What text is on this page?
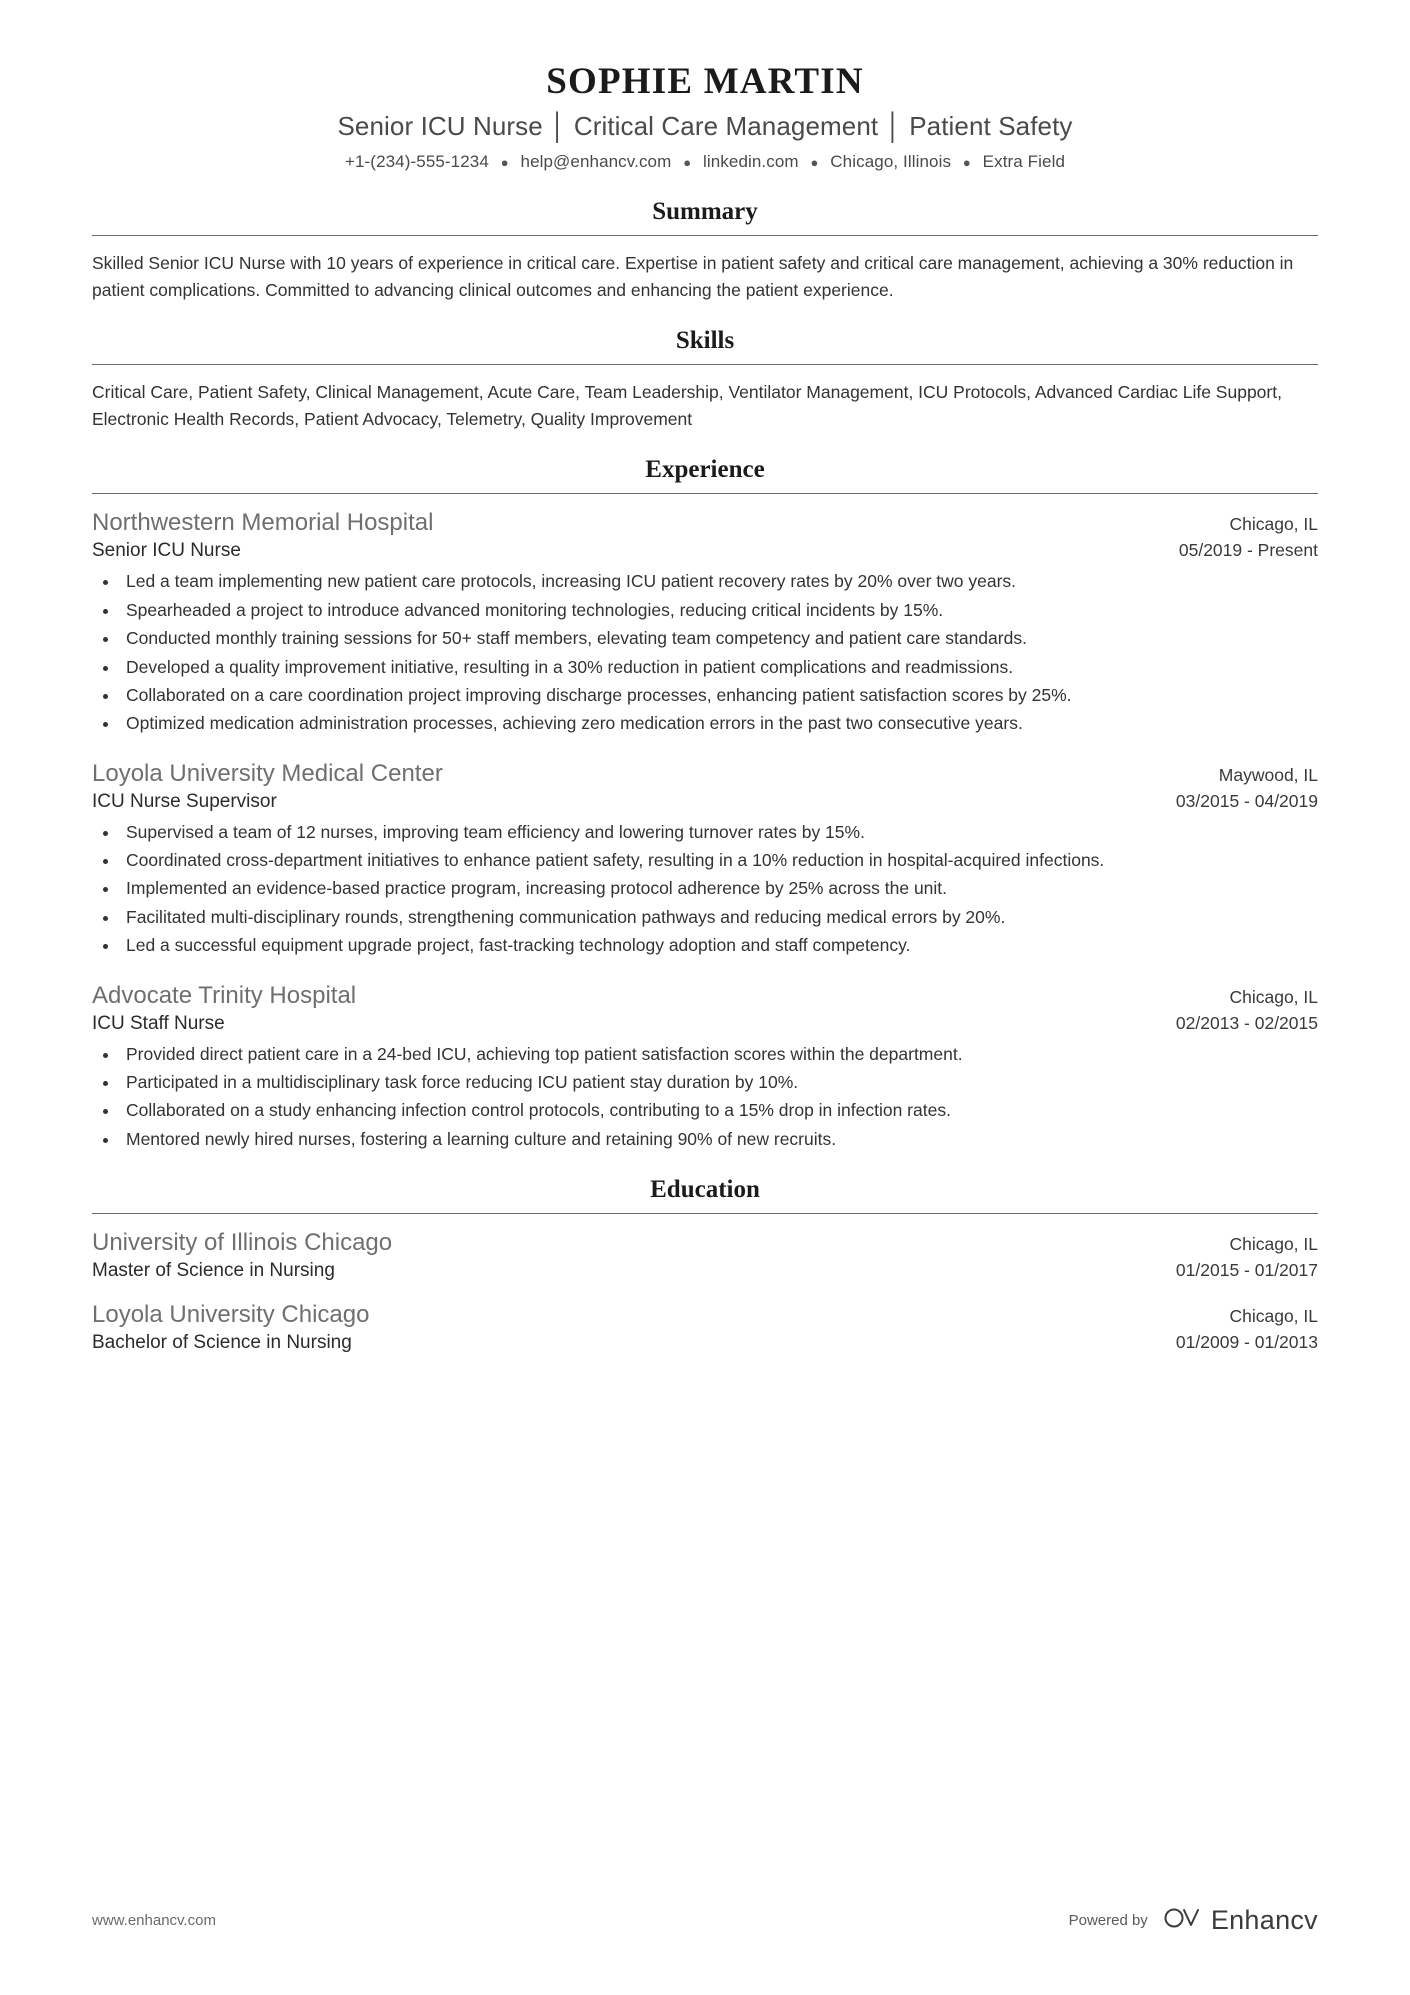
SOPHIE MARTIN
Senior ICU Nurse │ Critical Care Management │ Patient Safety
+1-(234)-555-1234 ● help@enhancv.com ● linkedin.com ● Chicago, Illinois ● Extra Field
Summary
Skilled Senior ICU Nurse with 10 years of experience in critical care. Expertise in patient safety and critical care management, achieving a 30% reduction in patient complications. Committed to advancing clinical outcomes and enhancing the patient experience.
Skills
Critical Care, Patient Safety, Clinical Management, Acute Care, Team Leadership, Ventilator Management, ICU Protocols, Advanced Cardiac Life Support, Electronic Health Records, Patient Advocacy, Telemetry, Quality Improvement
Experience
Northwestern Memorial Hospital	Chicago, IL
Senior ICU Nurse	05/2019 - Present
• Led a team implementing new patient care protocols, increasing ICU patient recovery rates by 20% over two years.
• Spearheaded a project to introduce advanced monitoring technologies, reducing critical incidents by 15%.
• Conducted monthly training sessions for 50+ staff members, elevating team competency and patient care standards.
• Developed a quality improvement initiative, resulting in a 30% reduction in patient complications and readmissions.
• Collaborated on a care coordination project improving discharge processes, enhancing patient satisfaction scores by 25%.
• Optimized medication administration processes, achieving zero medication errors in the past two consecutive years.
Loyola University Medical Center	Maywood, IL
ICU Nurse Supervisor	03/2015 - 04/2019
• Supervised a team of 12 nurses, improving team efficiency and lowering turnover rates by 15%.
• Coordinated cross-department initiatives to enhance patient safety, resulting in a 10% reduction in hospital-acquired infections.
• Implemented an evidence-based practice program, increasing protocol adherence by 25% across the unit.
• Facilitated multi-disciplinary rounds, strengthening communication pathways and reducing medical errors by 20%.
• Led a successful equipment upgrade project, fast-tracking technology adoption and staff competency.
Advocate Trinity Hospital	Chicago, IL
ICU Staff Nurse	02/2013 - 02/2015
• Provided direct patient care in a 24-bed ICU, achieving top patient satisfaction scores within the department.
• Participated in a multidisciplinary task force reducing ICU patient stay duration by 10%.
• Collaborated on a study enhancing infection control protocols, contributing to a 15% drop in infection rates.
• Mentored newly hired nurses, fostering a learning culture and retaining 90% of new recruits.
Education
University of Illinois Chicago	Chicago, IL
Master of Science in Nursing	01/2015 - 01/2017
Loyola University Chicago	Chicago, IL
Bachelor of Science in Nursing	01/2009 - 01/2013
www.enhancv.com	Powered by Enhancv
